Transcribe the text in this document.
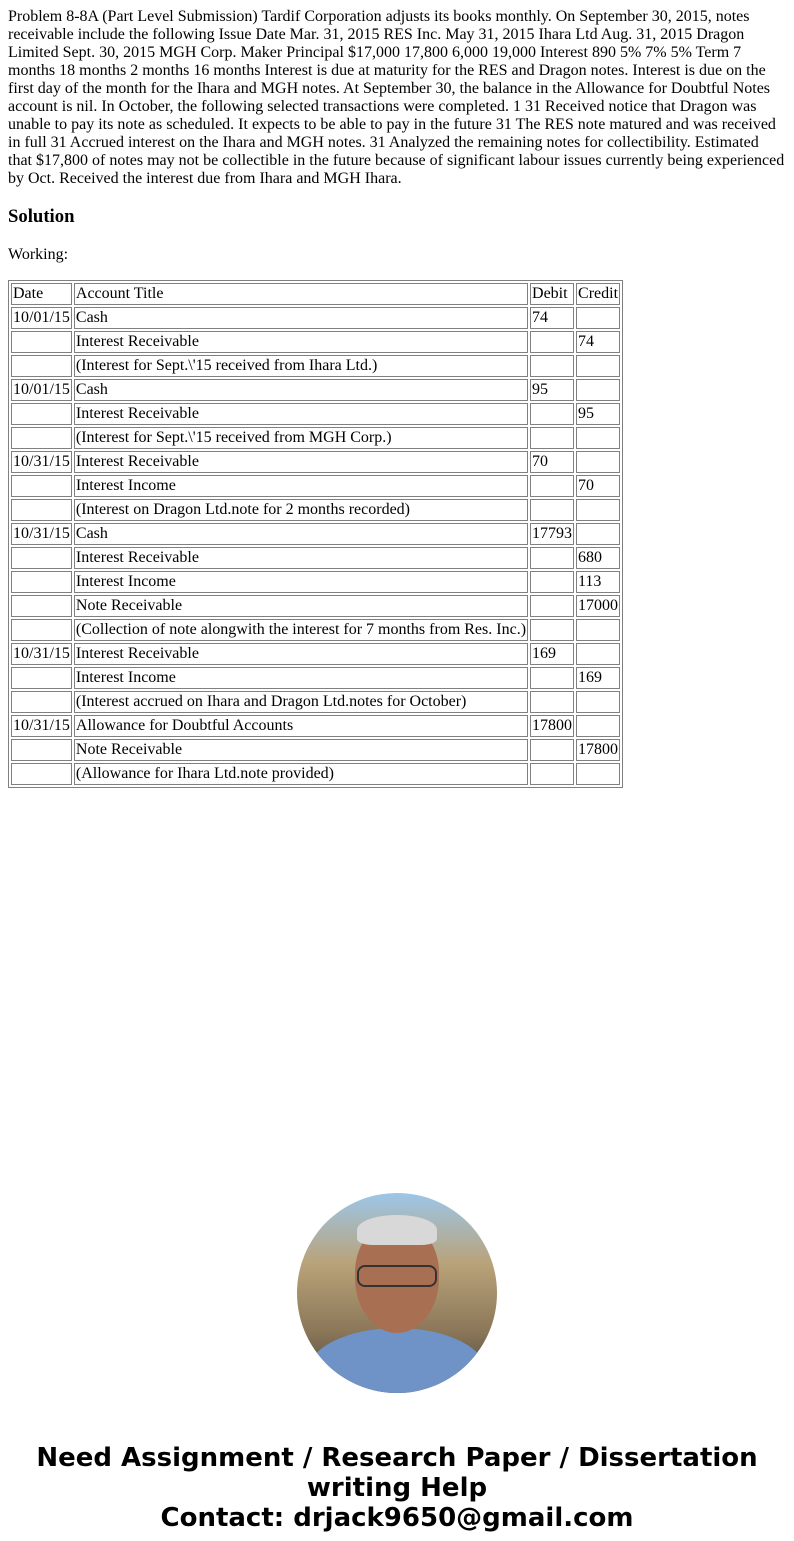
Problem 8-8A (Part Level Submission) Tardif Corporation adjusts its books monthly. On September 30, 2015, notes receivable include the following Issue Date Mar. 31, 2015 RES Inc. May 31, 2015 Ihara Ltd Aug. 31, 2015 Dragon Limited Sept. 30, 2015 MGH Corp. Maker Principal $17,000 17,800 6,000 19,000 Interest 890 5% 7% 5% Term 7 months 18 months 2 months 16 months Interest is due at maturity for the RES and Dragon notes. Interest is due on the first day of the month for the Ihara and MGH notes. At September 30, the balance in the Allowance for Doubtful Notes account is nil. In October, the following selected transactions were completed. 1 31 Received notice that Dragon was unable to pay its note as scheduled. It expects to be able to pay in the future 31 The RES note matured and was received in full 31 Accrued interest on the Ihara and MGH notes. 31 Analyzed the remaining notes for collectibility. Estimated that $17,800 of notes may not be collectible in the future because of significant labour issues currently being experienced by Oct. Received the interest due from Ihara and MGH Ihara.

Solution

Working:

Date	Account Title	Debit	Credit
10/01/15	Cash	74	
	Interest Receivable		74
	(Interest for Sept.\'15 received from Ihara Ltd.)		
10/01/15	Cash	95	
	Interest Receivable		95
	(Interest for Sept.\'15 received from MGH Corp.)		
10/31/15	Interest Receivable	70	
	Interest Income		70
	(Interest on Dragon Ltd.note for 2 months recorded)		
10/31/15	Cash	17793	
	Interest Receivable		680
	Interest Income		113
	Note Receivable		17000
	(Collection of note alongwith the interest for 7 months from Res. Inc.)		
10/31/15	Interest Receivable	169	
	Interest Income		169
	(Interest accrued on Ihara and Dragon Ltd.notes for October)		
10/31/15	Allowance for Doubtful Accounts	17800	
	Note Receivable		17800
	(Allowance for Ihara Ltd.note provided)		
Need Assignment / Research Paper / Dissertation writing Help
Contact: drjack9650@gmail.com
